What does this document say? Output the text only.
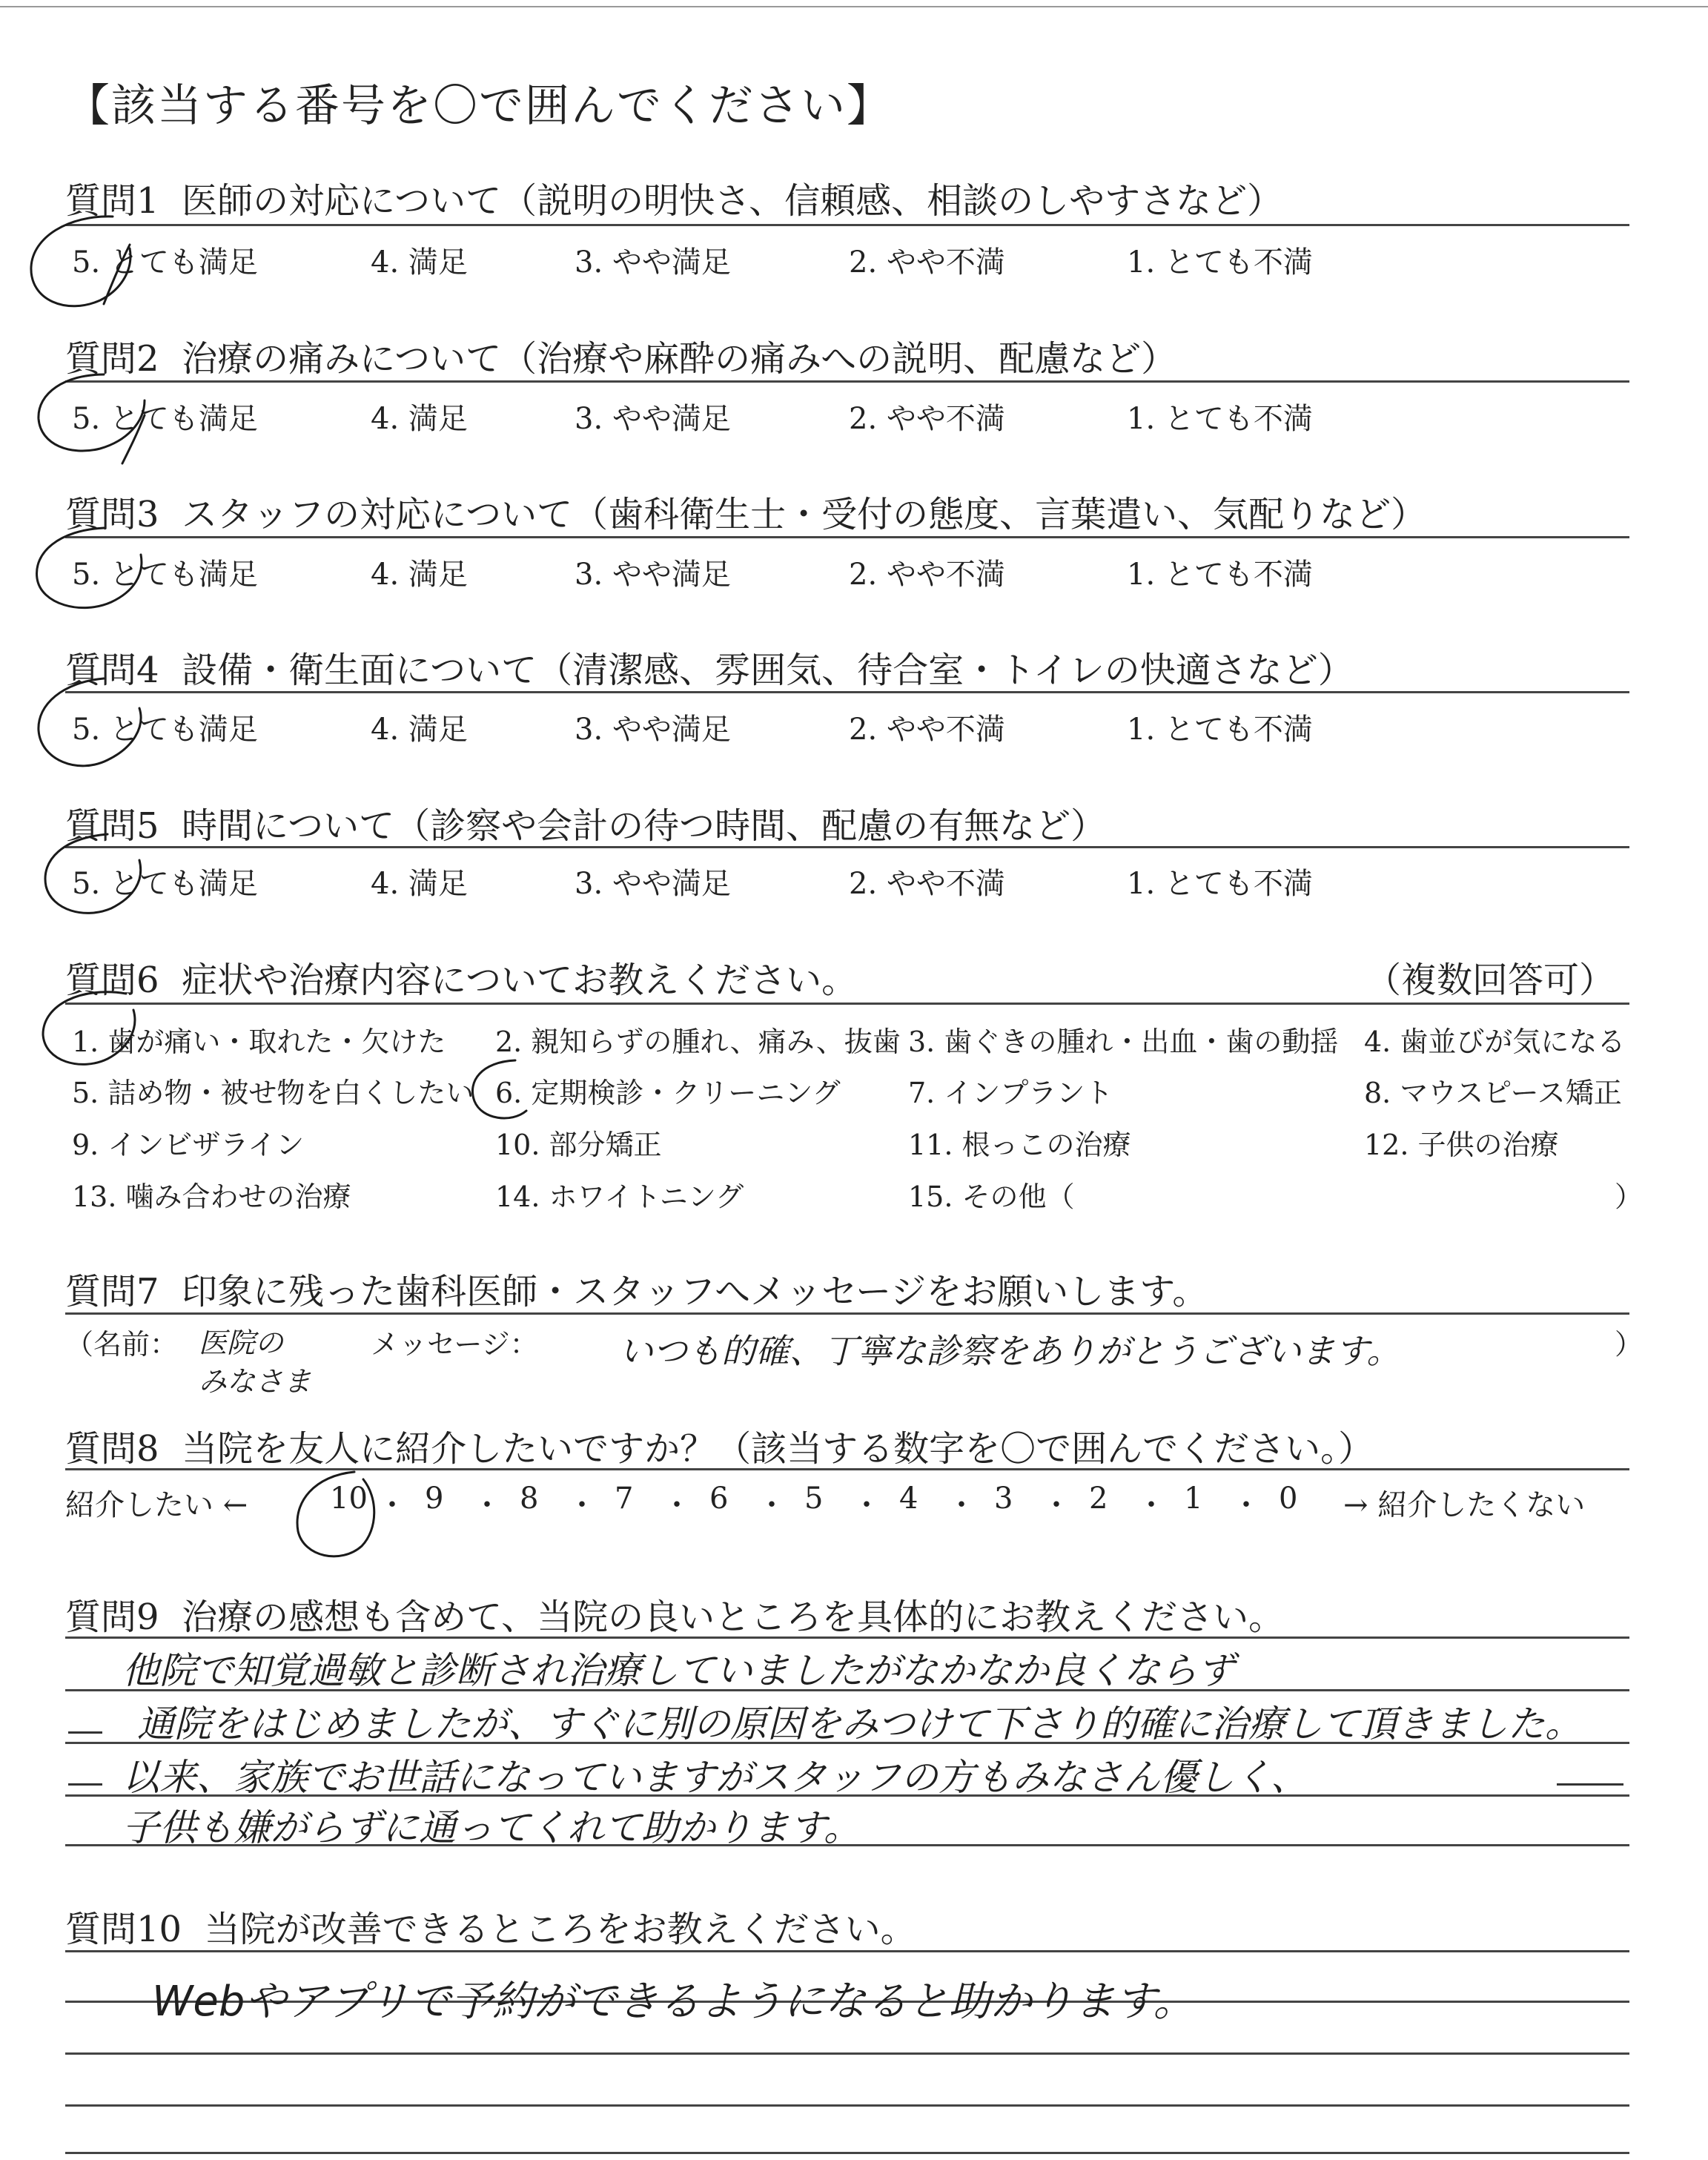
【該当する番号を〇で囲んでください】
質問1 医師の対応について（説明の明快さ、信頼感、相談のしやすさなど）
5. とても満足	4. 満足	3. やや満足	2. やや不満	1. とても不満
質問2 治療の痛みについて（治療や麻酔の痛みへの説明、配慮など）
5. とても満足	4. 満足	3. やや満足	2. やや不満	1. とても不満
質問3 スタッフの対応について（歯科衛生士・受付の態度、言葉遣い、気配りなど）
5. とても満足	4. 満足	3. やや満足	2. やや不満	1. とても不満
質問4 設備・衛生面について（清潔感、雰囲気、待合室・トイレの快適さなど）
5. とても満足	4. 満足	3. やや満足	2. やや不満	1. とても不満
質問5 時間について（診察や会計の待つ時間、配慮の有無など）
5. とても満足	4. 満足	3. やや満足	2. やや不満	1. とても不満
質問6 症状や治療内容についてお教えください。	（複数回答可）
1. 歯が痛い・取れた・欠けた 2. 親知らずの腫れ、痛み、抜歯 3. 歯ぐきの腫れ・出血・歯の動揺 4. 歯並びが気になる
5. 詰め物・被せ物を白くしたい 6. 定期検診・クリーニング 7. インプラント	8. マウスピース矯正
9. インビザライン	10. 部分矯正	11. 根っこの治療	12. 子供の治療
13. 噛み合わせの治療	14. ホワイトニング	15. その他（	）
質問7 印象に残った歯科医師・スタッフへメッセージをお願いします。
（名前： 医院の
みなさま
メッセージ： いつも的確、丁寧な診察をありがとうございます。	）
質問8 当院を友人に紹介したいですか？（該当する数字を〇で囲んでください。）
紹介したい ←	→ 紹介したくない
10 ・ 9 ・ 8 ・ 7 ・ 6 ・ 5 ・ 4 ・ 3 ・ 2 ・ 1 ・ 0
質問9 治療の感想も含めて、当院の良いところを具体的にお教えください。
他院で知覚過敏と診断され治療していましたがなかなか良くならず
通院をはじめましたが、すぐに別の原因をみつけて下さり的確に治療して頂きました。
以来、家族でお世話になっていますがスタッフの方もみなさん優しく、
子供も嫌がらずに通ってくれて助かります。
質問10 当院が改善できるところをお教えください。
Webやアプリで予約ができるようになると助かります。
